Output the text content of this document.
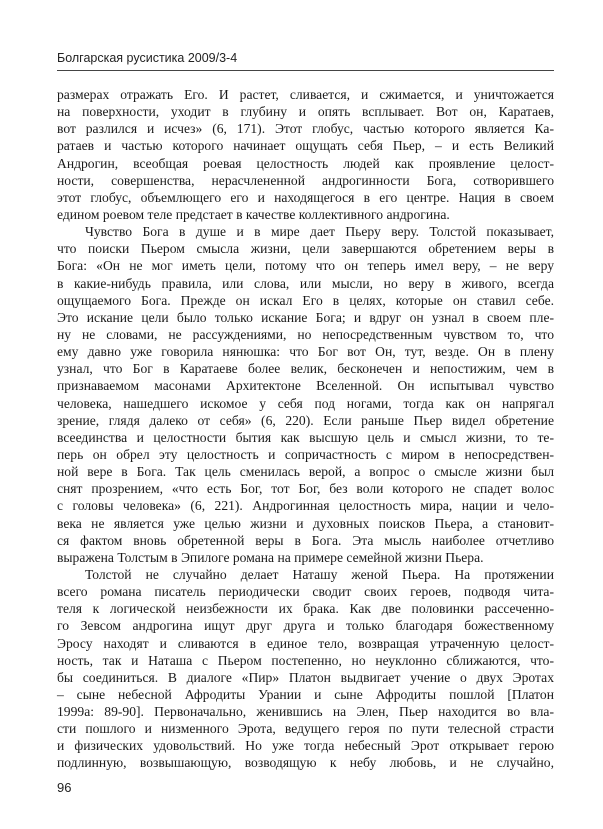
Болгарская русистика 2009/3-4
размерах отражать Его. И растет, сливается, и сжимается, и уничтожается
на поверхности, уходит в глубину и опять всплывает. Вот он, Каратаев,
вот разлился и исчез» (6, 171). Этот глобус, частью которого является Ка-
ратаев и частью которого начинает ощущать себя Пьер, – и есть Великий
Андрогин, всеобщая роевая целостность людей как проявление целост-
ности, совершенства, нерасчлененной андрогинности Бога, сотворившего
этот глобус, объемлющего его и находящегося в его центре. Нация в своем
едином роевом теле предстает в качестве коллективного андрогина.
Чувство Бога в душе и в мире дает Пьеру веру. Толстой показывает,
что поиски Пьером смысла жизни, цели завершаются обретением веры в
Бога: «Он не мог иметь цели, потому что он теперь имел веру, – не веру
в какие-нибудь правила, или слова, или мысли, но веру в живого, всегда
ощущаемого Бога. Прежде он искал Его в целях, которые он ставил себе.
Это искание цели было только искание Бога; и вдруг он узнал в своем пле-
ну не словами, не рассуждениями, но непосредственным чувством то, что
ему давно уже говорила нянюшка: что Бог вот Он, тут, везде. Он в плену
узнал, что Бог в Каратаеве более велик, бесконечен и непостижим, чем в
признаваемом масонами Архитектоне Вселенной. Он испытывал чувство
человека, нашедшего искомое у себя под ногами, тогда как он напрягал
зрение, глядя далеко от себя» (6, 220). Если раньше Пьер видел обретение
всеединства и целостности бытия как высшую цель и смысл жизни, то те-
перь он обрел эту целостность и сопричастность с миром в непосредствен-
ной вере в Бога. Так цель сменилась верой, а вопрос о смысле жизни был
снят прозрением, «что есть Бог, тот Бог, без воли которого не спадет волос
с головы человека» (6, 221). Андрогинная целостность мира, нации и чело-
века не является уже целью жизни и духовных поисков Пьера, а становит-
ся фактом вновь обретенной веры в Бога. Эта мысль наиболее отчетливо
выражена Толстым в Эпилоге романа на примере семейной жизни Пьера.
Толстой не случайно делает Наташу женой Пьера. На протяжении
всего романа писатель периодически сводит своих героев, подводя чита-
теля к логической неизбежности их брака. Как две половинки рассеченно-
го Зевсом андрогина ищут друг друга и только благодаря божественному
Эросу находят и сливаются в единое тело, возвращая утраченную целост-
ность, так и Наташа с Пьером постепенно, но неуклонно сближаются, что-
бы соединиться. В диалоге «Пир» Платон выдвигает учение о двух Эротах
– сыне небесной Афродиты Урании и сыне Афродиты пошлой [Платон
1999а: 89-90]. Первоначально, женившись на Элен, Пьер находится во вла-
сти пошлого и низменного Эрота, ведущего героя по пути телесной страсти
и физических удовольствий. Но уже тогда небесный Эрот открывает герою
подлинную, возвышающую, возводящую к небу любовь, и не случайно,
96
